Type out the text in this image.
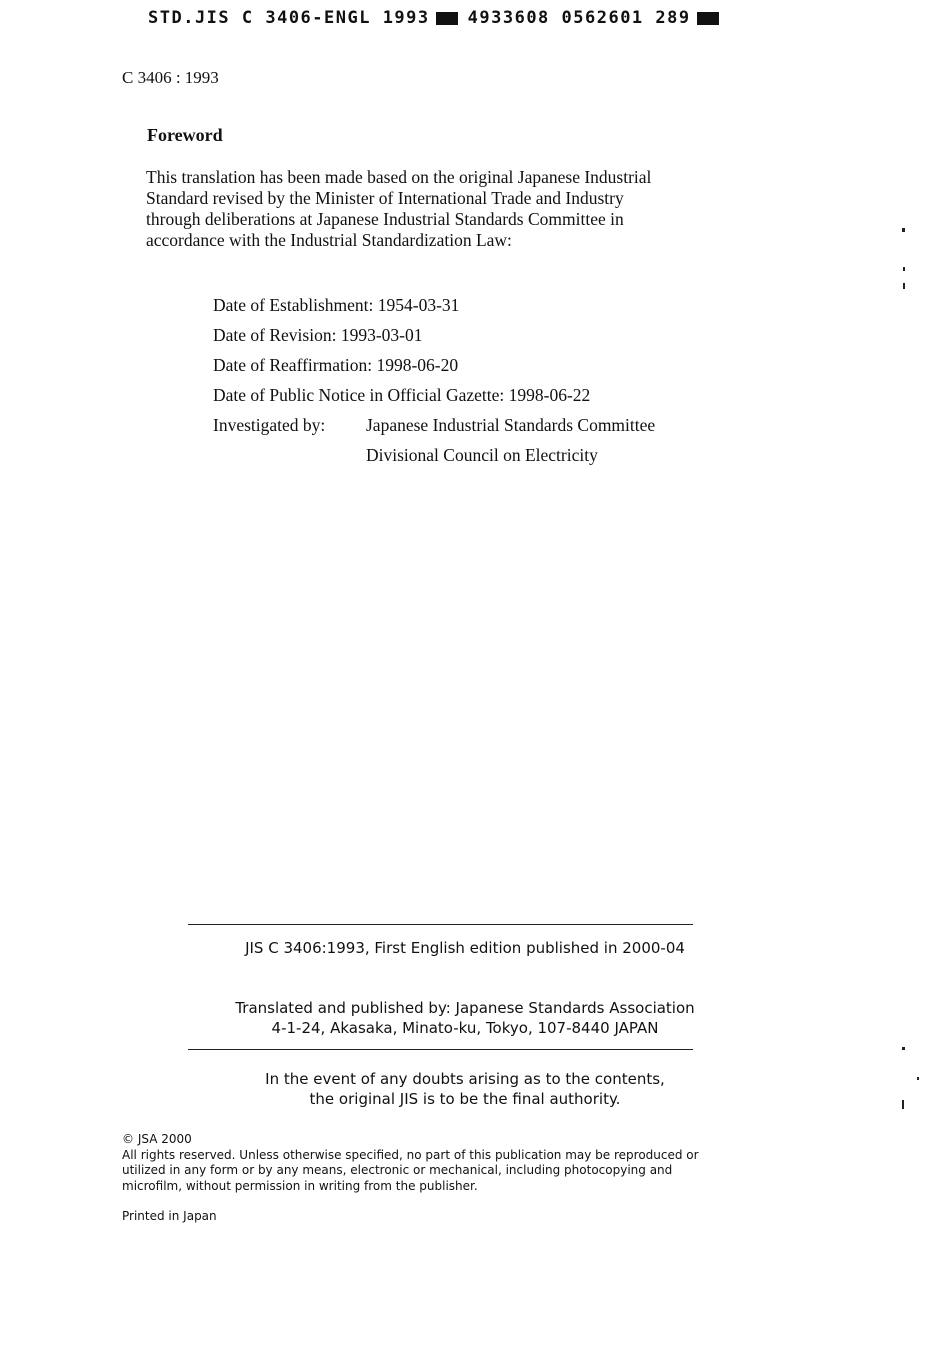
STD.JIS C 3406-ENGL 1993 4933608 0562601 289
C 3406 : 1993
Foreword
This translation has been made based on the original Japanese Industrial
Standard revised by the Minister of International Trade and Industry
through deliberations at Japanese Industrial Standards Committee in
accordance with the Industrial Standardization Law:
Date of Establishment: 1954-03-31
Date of Revision: 1993-03-01
Date of Reaffirmation: 1998-06-20
Date of Public Notice in Official Gazette: 1998-06-22
Investigated by: Japanese Industrial Standards Committee
Divisional Council on Electricity
JIS C 3406:1993, First English edition published in 2000-04
Translated and published by: Japanese Standards Association
4-1-24, Akasaka, Minato-ku, Tokyo, 107-8440 JAPAN
In the event of any doubts arising as to the contents,
the original JIS is to be the final authority.
© JSA 2000
All rights reserved. Unless otherwise specified, no part of this publication may be reproduced or
utilized in any form or by any means, electronic or mechanical, including photocopying and
microfilm, without permission in writing from the publisher.
Printed in Japan
